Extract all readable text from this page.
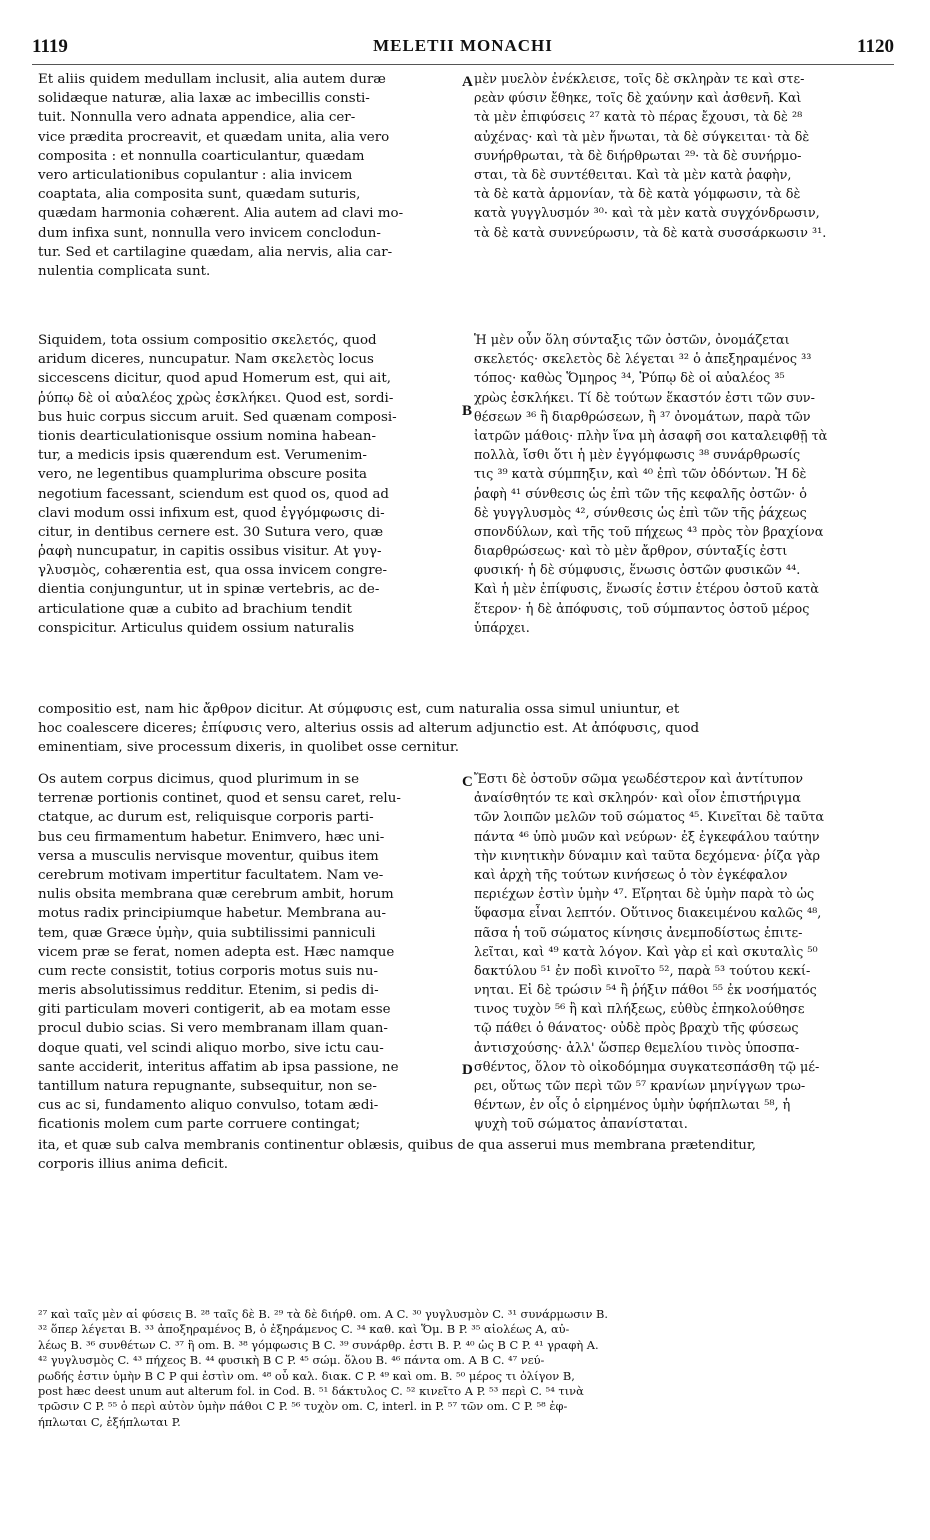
1119	MELETII MONACHI	1120
Et aliis quidem medullam inclusit, alia autem duræ
solidæque naturæ, alia laxæ ac imbecillis consti-
tuit. Nonnulla vero adnata appendice, alia cer-
vice prædita procreavit, et quædam unita, alia vero
composita : et nonnulla coarticulantur, quædam
vero articulationibus copulantur : alia invicem
coaptata, alia composita sunt, quædam suturis,
quædam harmonia cohærent. Alia autem ad clavi mo-
dum infixa sunt, nonnulla vero invicem conclodun-
tur. Sed et cartilagine quædam, alia nervis, alia car-
nulentia complicata sunt.
A μὲν μυελὸν ἐνέκλεισε, τοῖς δὲ σκληρὰν τε καὶ στε-
ρεὰν φύσιν ἔθηκε, τοῖς δὲ χαύνην καὶ ἀσθενῆ. Καὶ
τὰ μὲν ἐπιφύσεις ²⁷ κατὰ τὸ πέρας ἔχουσι, τὰ δὲ ²⁸
αὐχένας· καὶ τὰ μὲν ἥνωται, τὰ δὲ σύγκειται· τὰ δὲ
συνήρθρωται, τὰ δὲ διήρθρωται ²⁹· τὰ δὲ συνήρμο-
σται, τὰ δὲ συντέθειται. Καὶ τὰ μὲν κατὰ ῥαφὴν,
τὰ δὲ κατὰ ἁρμονίαν, τὰ δὲ κατὰ γόμφωσιν, τὰ δὲ
κατὰ γυγγλυσμόν ³⁰· καὶ τὰ μὲν κατὰ συγχόνδρωσιν,
τὰ δὲ κατὰ συννεύρωσιν, τὰ δὲ κατὰ συσσάρκωσιν ³¹.
Siquidem, tota ossium compositio σκελετός, quod
aridum diceres, nuncupatur. Nam σκελετὸς locus
siccescens dicitur, quod apud Homerum est, qui ait,
ῥύπῳ δὲ οἱ αὐαλέος χρὼς ἐσκλήκει. Quod est, sordi-
bus huic corpus siccum aruit. Sed quænam composi-
tionis dearticulationisque ossium nomina habean-
tur, a medicis ipsis quærendum est. Verumenim-
vero, ne legentibus quamplurima obscure posita
negotium facessant, sciendum est quod os, quod ad
clavi modum ossi infixum est, quod ἐγγόμφωσις di-
citur, in dentibus cernere est. 30 Sutura vero, quæ
ῥαφὴ nuncupatur, in capitis ossibus visitur. At γυγ-
γλυσμὸς, cohærentia est, qua ossa invicem congre-
dientia conjunguntur, ut in spinæ vertebris, ac de-
articulatione quæ a cubito ad brachium tendit
conspicitur. Articulus quidem ossium naturalis
B
Ἡ μὲν οὖν ὅλη σύνταξις τῶν ὀστῶν, ὀνομάζεται
σκελετός· σκελετὸς δὲ λέγεται ³² ὁ ἀπεξηραμένος ³³
τόπος· καθὼς Ὅμηρος ³⁴, Ῥύπῳ δὲ οἱ αὐαλέος ³⁵
χρὼς ἐσκλήκει. Τί δὲ τούτων ἕκαστόν ἐστι τῶν συν-
θέσεων ³⁶ ἢ διαρθρώσεων, ἢ ³⁷ ὀνομάτων, παρὰ τῶν
ἰατρῶν μάθοις· πλὴν ἵνα μὴ ἀσαφῆ σοι καταλειφθῇ τὰ
πολλὰ, ἴσθι ὅτι ἡ μὲν ἐγγόμφωσις ³⁸ συνάρθρωσίς
τις ³⁹ κατὰ σύμπηξιν, καὶ ⁴⁰ ἐπὶ τῶν ὀδόντων. Ἡ δὲ
ῥαφὴ ⁴¹ σύνθεσις ὡς ἐπὶ τῶν τῆς κεφαλῆς ὀστῶν· ὁ
δὲ γυγγλυσμὸς ⁴², σύνθεσις ὡς ἐπὶ τῶν τῆς ῥάχεως
σπονδύλων, καὶ τῆς τοῦ πήχεως ⁴³ πρὸς τὸν βραχίονα
διαρθρώσεως· καὶ τὸ μὲν ἄρθρον, σύνταξίς ἐστι
φυσική· ἡ δὲ σύμφυσις, ἕνωσις ὀστῶν φυσικῶν ⁴⁴.
Καὶ ἡ μὲν ἐπίφυσις, ἕνωσίς ἐστιν ἑτέρου ὀστοῦ κατὰ
ἕτερον· ἡ δὲ ἀπόφυσις, τοῦ σύμπαντος ὀστοῦ μέρος
ὑπάρχει.
compositio est, nam hic ἄρθρον dicitur. At σύμφυσις est, cum naturalia ossa simul uniuntur, et
hoc coalescere diceres; ἐπίφυσις vero, alterius ossis ad alterum adjunctio est. At ἀπόφυσις, quod
eminentiam, sive processum dixeris, in quolibet osse cernitur.
Os autem corpus dicimus, quod plurimum in se
terrenæ portionis continet, quod et sensu caret, relu-
ctatque, ac durum est, reliquisque corporis parti-
bus ceu firmamentum habetur. Enimvero, hæc uni-
versa a musculis nervisque moventur, quibus item
cerebrum motivam impertitur facultatem. Nam ve-
nulis obsita membrana quæ cerebrum ambit, horum
motus radix principiumque habetur. Membrana au-
tem, quæ Græce ὑμὴν, quia subtilissimi panniculi
vicem præ se ferat, nomen adepta est. Hæc namque
cum recte consistit, totius corporis motus suis nu-
meris absolutissimus redditur. Etenim, si pedis di-
giti particulam moveri contigerit, ab ea motam esse
procul dubio scias. Si vero membranam illam quan-
doque quati, vel scindi aliquo morbo, sive ictu cau-
sante acciderit, interitus affatim ab ipsa passione, ne
tantillum natura repugnante, subsequitur, non se-
cus ac si, fundamento aliquo convulso, totam ædi-
ficationis molem cum parte corruere contingat;
C
D
Ἔστι δὲ ὀστοῦν σῶμα γεωδέστερον καὶ ἀντίτυπον
ἀναίσθητόν τε καὶ σκληρόν· καὶ οἷον ἐπιστήριγμα
τῶν λοιπῶν μελῶν τοῦ σώματος ⁴⁵. Κινεῖται δὲ ταῦτα
πάντα ⁴⁶ ὑπὸ μυῶν καὶ νεύρων· ἐξ ἐγκεφάλου ταύτην
τὴν κινητικὴν δύναμιν καὶ ταῦτα δεχόμενα· ῥίζα γὰρ
καὶ ἀρχὴ τῆς τούτων κινήσεως ὁ τὸν ἐγκέφαλον
περιέχων ἐστὶν ὑμὴν ⁴⁷. Εἴρηται δὲ ὑμὴν παρὰ τὸ ὡς
ὕφασμα εἶναι λεπτόν. Οὕτινος διακειμένου καλῶς ⁴⁸,
πᾶσα ἡ τοῦ σώματος κίνησις ἀνεμποδίστως ἐπιτε-
λεῖται, καὶ ⁴⁹ κατὰ λόγον. Καὶ γὰρ εἰ καὶ σκυταλὶς ⁵⁰
δακτύλου ⁵¹ ἐν ποδὶ κινοῖτο ⁵², παρὰ ⁵³ τούτου κεκί-
νηται. Εἰ δὲ τρώσιν ⁵⁴ ἢ ῥήξιν πάθοι ⁵⁵ ἐκ νοσήματός
τινος τυχὸν ⁵⁶ ἢ καὶ πλήξεως, εὐθὺς ἐπηκολούθησε
τῷ πάθει ὁ θάνατος· οὐδὲ πρὸς βραχὺ τῆς φύσεως
ἀντισχούσης· ἀλλ' ὥσπερ θεμελίου τινὸς ὑποσπα-
σθέντος, ὅλον τὸ οἰκοδόμημα συγκατεσπάσθη τῷ μέ-
ρει, οὕτως τῶν περὶ τῶν ⁵⁷ κρανίων μηνίγγων τρω-
θέντων, ἐν οἷς ὁ εἰρημένος ὑμὴν ὑφήπλωται ⁵⁸, ἡ
ψυχὴ τοῦ σώματος ἀπανίσταται.
ita, et quæ sub calva membranis continentur oblæsis, quibus de qua asserui mus membrana prætenditur,
corporis illius anima deficit.
²⁷ καὶ ταῖς μὲν αἱ φύσεις B. ²⁸ ταῖς δὲ B. ²⁹ τὰ δὲ διήρθ. om. A C. ³⁰ γυγλυσμὸν C. ³¹ συνάρμωσιν B.
³² ὅπερ λέγεται B. ³³ ἀποξηραμένος B, ὁ ἐξηράμενος C. ³⁴ καθ. καὶ Ὅμ. B P. ³⁵ αἰολέως A, αὐ-
λέως B. ³⁶ συνθέτων C. ³⁷ ἢ om. B. ³⁸ γόμφωσις B C. ³⁹ συνάρθρ. ἐστι B. P. ⁴⁰ ὡς B C P. ⁴¹ γραφὴ A.
⁴² γυγλυσμὸς C. ⁴³ πήχεος B. ⁴⁴ φυσικὴ B C P. ⁴⁵ σώμ. ὅλου B. ⁴⁶ πάντα om. A B C. ⁴⁷ νεύ-
ρωδής ἐστιν ὑμὴν B C P qui ἐστὶν om. ⁴⁸ οὗ καλ. διακ. C P. ⁴⁹ καὶ om. B. ⁵⁰ μέρος τι ὀλίγον B,
post hæc deest unum aut alterum fol. in Cod. B. ⁵¹ δάκτυλος C. ⁵² κινεῖτο A P. ⁵³ περὶ C. ⁵⁴ τινὰ
τρῶσιν C P. ⁵⁵ ὁ περὶ αὐτὸν ὑμὴν πάθοι C P. ⁵⁶ τυχὸν om. C, interl. in P. ⁵⁷ τῶν om. C P. ⁵⁸ ἐφ-
ήπλωται C, ἐξήπλωται P.
